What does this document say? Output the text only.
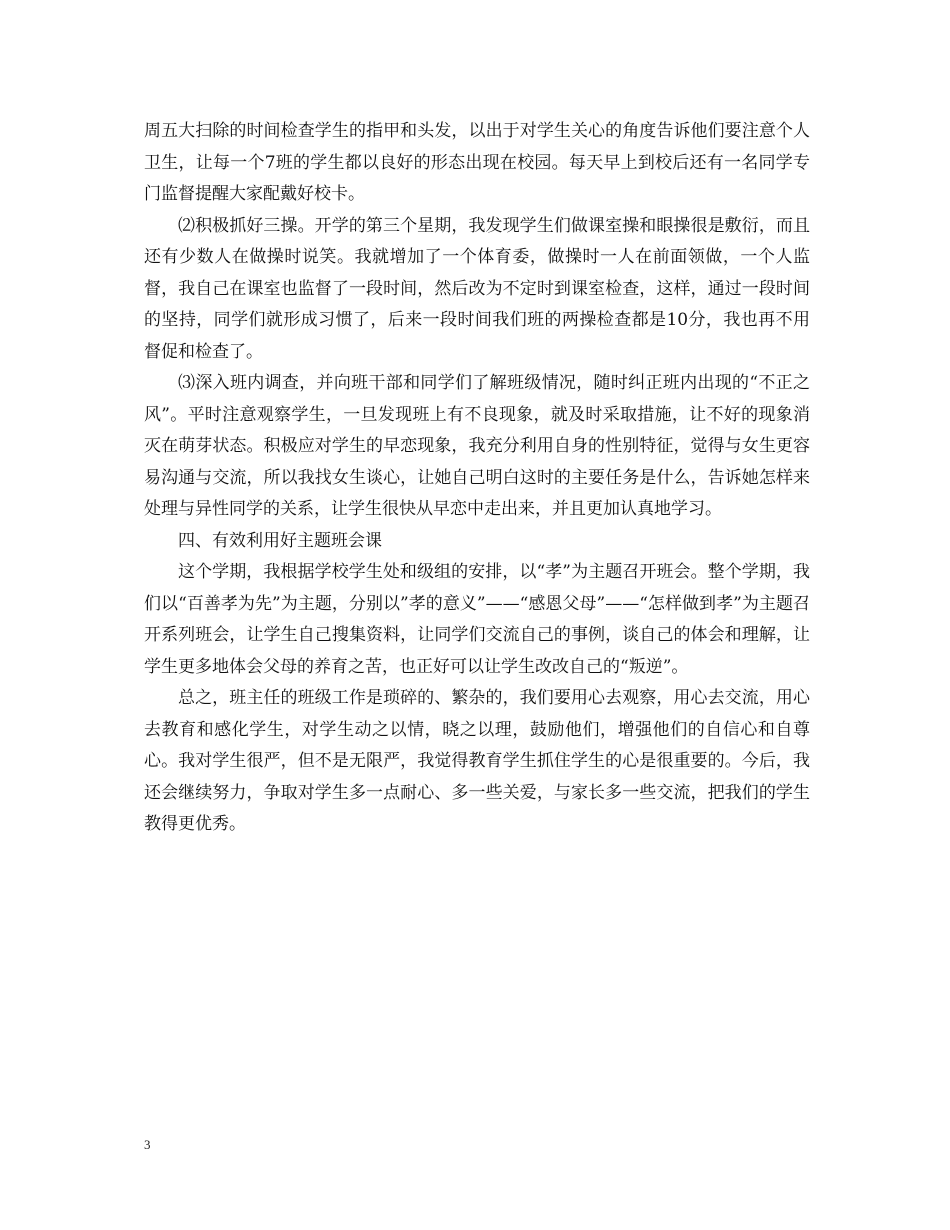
周五大扫除的时间检查学生的指甲和头发，以出于对学生关心的角度告诉他们要注意个人卫生，让每一个7班的学生都以良好的形态出现在校园。每天早上到校后还有一名同学专门监督提醒大家配戴好校卡。

⑵积极抓好三操。开学的第三个星期，我发现学生们做课室操和眼操很是敷衍，而且还有少数人在做操时说笑。我就增加了一个体育委，做操时一人在前面领做，一个人监督，我自己在课室也监督了一段时间，然后改为不定时到课室检查，这样，通过一段时间的坚持，同学们就形成习惯了，后来一段时间我们班的两操检查都是10分，我也再不用督促和检查了。

⑶深入班内调查，并向班干部和同学们了解班级情况，随时纠正班内出现的“不正之风”。平时注意观察学生，一旦发现班上有不良现象，就及时采取措施，让不好的现象消灭在萌芽状态。积极应对学生的早恋现象，我充分利用自身的性别特征，觉得与女生更容易沟通与交流，所以我找女生谈心，让她自己明白这时的主要任务是什么，告诉她怎样来处理与异性同学的关系，让学生很快从早恋中走出来，并且更加认真地学习。

四、有效利用好主题班会课

这个学期，我根据学校学生处和级组的安排，以“孝”为主题召开班会。整个学期，我们以“百善孝为先”为主题，分别以”孝的意义”——“感恩父母”——“怎样做到孝”为主题召开系列班会，让学生自己搜集资料，让同学们交流自己的事例，谈自己的体会和理解，让学生更多地体会父母的养育之苦，也正好可以让学生改改自己的“叛逆”。

总之，班主任的班级工作是琐碎的、繁杂的，我们要用心去观察，用心去交流，用心去教育和感化学生，对学生动之以情，晓之以理，鼓励他们，增强他们的自信心和自尊心。我对学生很严，但不是无限严，我觉得教育学生抓住学生的心是很重要的。今后，我还会继续努力，争取对学生多一点耐心、多一些关爱，与家长多一些交流，把我们的学生教得更优秀。

3
